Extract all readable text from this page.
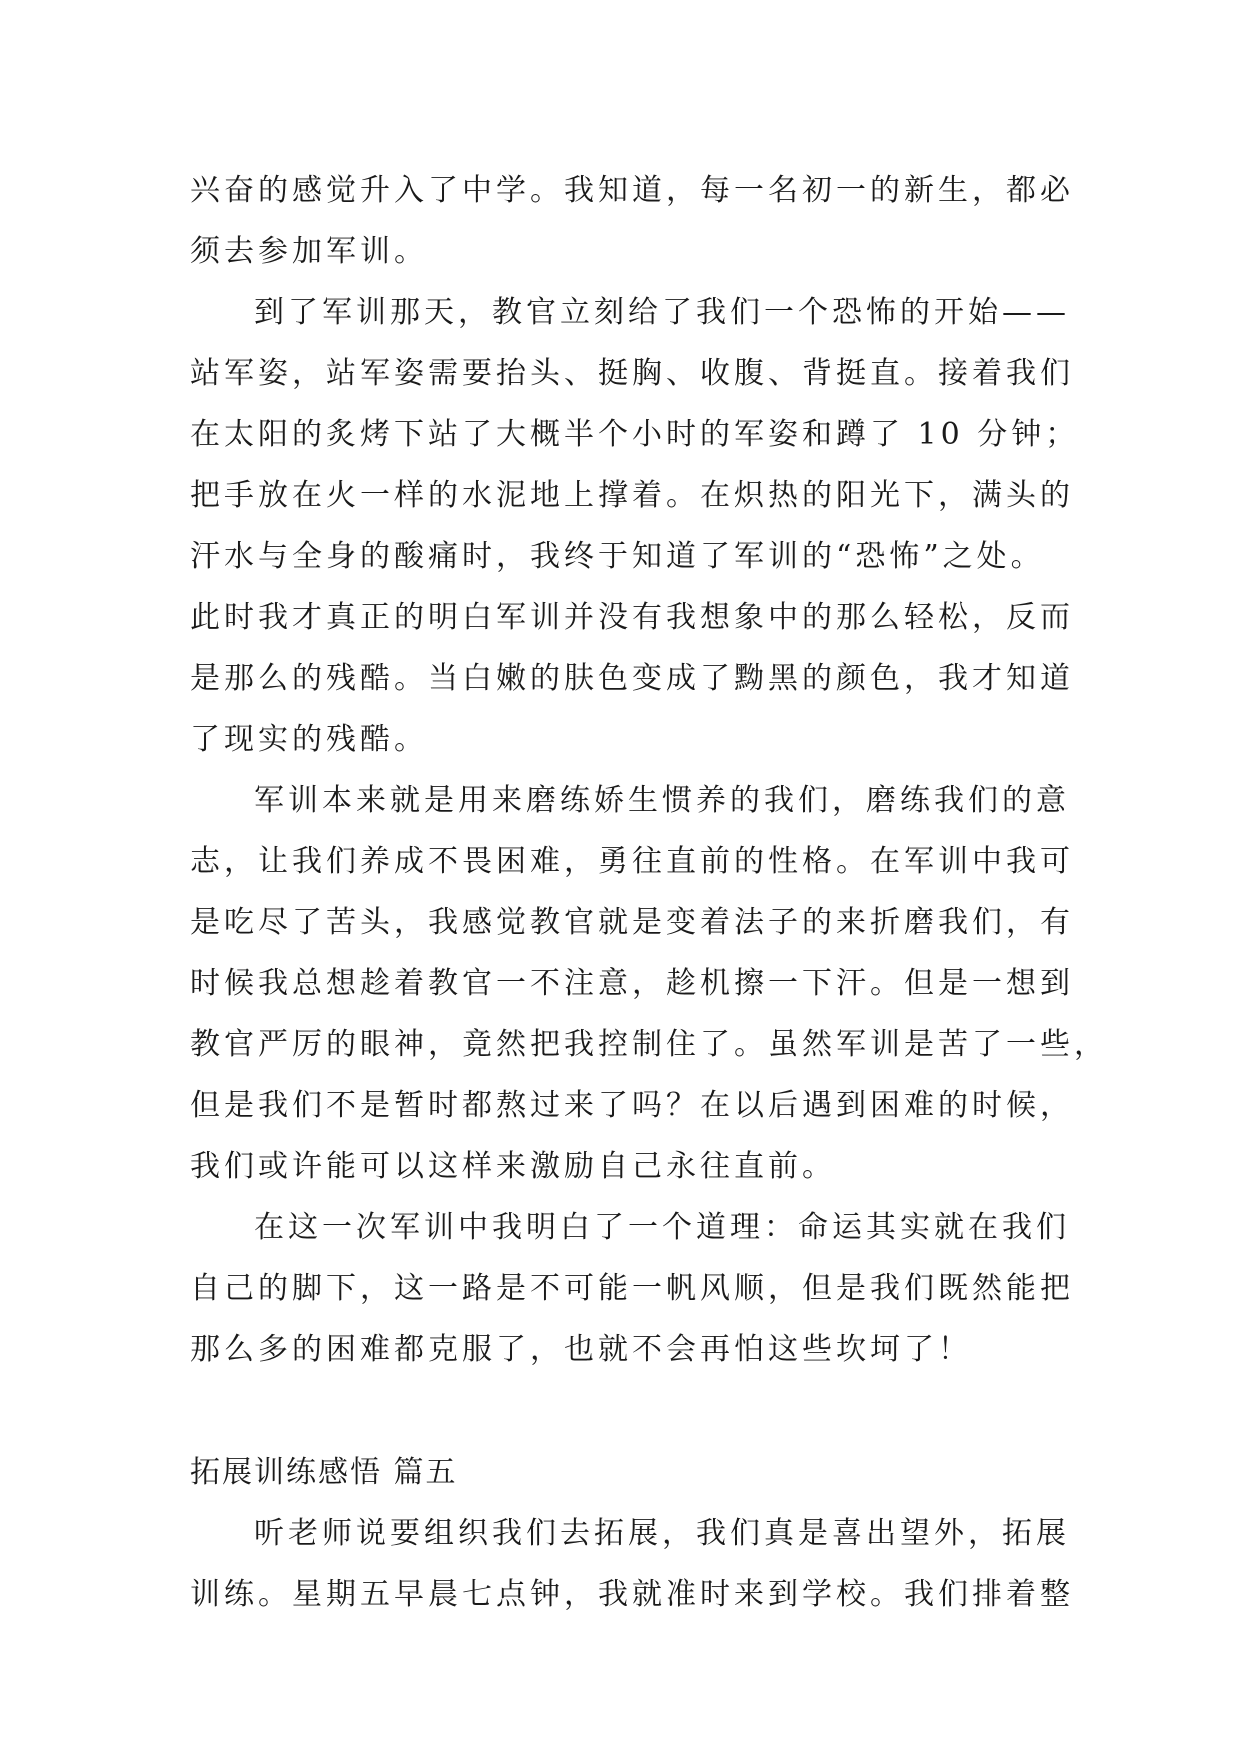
兴奋的感觉升入了中学。我知道，每一名初一的新生，都必
须去参加军训。
到了军训那天，教官立刻给了我们一个恐怖的开始——
站军姿，站军姿需要抬头、挺胸、收腹、背挺直。接着我们
在太阳的炙烤下站了大概半个小时的军姿和蹲了 10 分钟；
把手放在火一样的水泥地上撑着。在炽热的阳光下，满头的
汗水与全身的酸痛时，我终于知道了军训的“恐怖”之处。
此时我才真正的明白军训并没有我想象中的那么轻松，反而
是那么的残酷。当白嫩的肤色变成了黝黑的颜色，我才知道
了现实的残酷。
军训本来就是用来磨练娇生惯养的我们，磨练我们的意
志，让我们养成不畏困难，勇往直前的性格。在军训中我可
是吃尽了苦头，我感觉教官就是变着法子的来折磨我们，有
时候我总想趁着教官一不注意，趁机擦一下汗。但是一想到
教官严厉的眼神，竟然把我控制住了。虽然军训是苦了一些，
但是我们不是暂时都熬过来了吗？在以后遇到困难的时候，
我们或许能可以这样来激励自己永往直前。
在这一次军训中我明白了一个道理：命运其实就在我们
自己的脚下，这一路是不可能一帆风顺，但是我们既然能把
那么多的困难都克服了，也就不会再怕这些坎坷了！
拓展训练感悟 篇五
听老师说要组织我们去拓展，我们真是喜出望外，拓展
训练。星期五早晨七点钟，我就准时来到学校。我们排着整
